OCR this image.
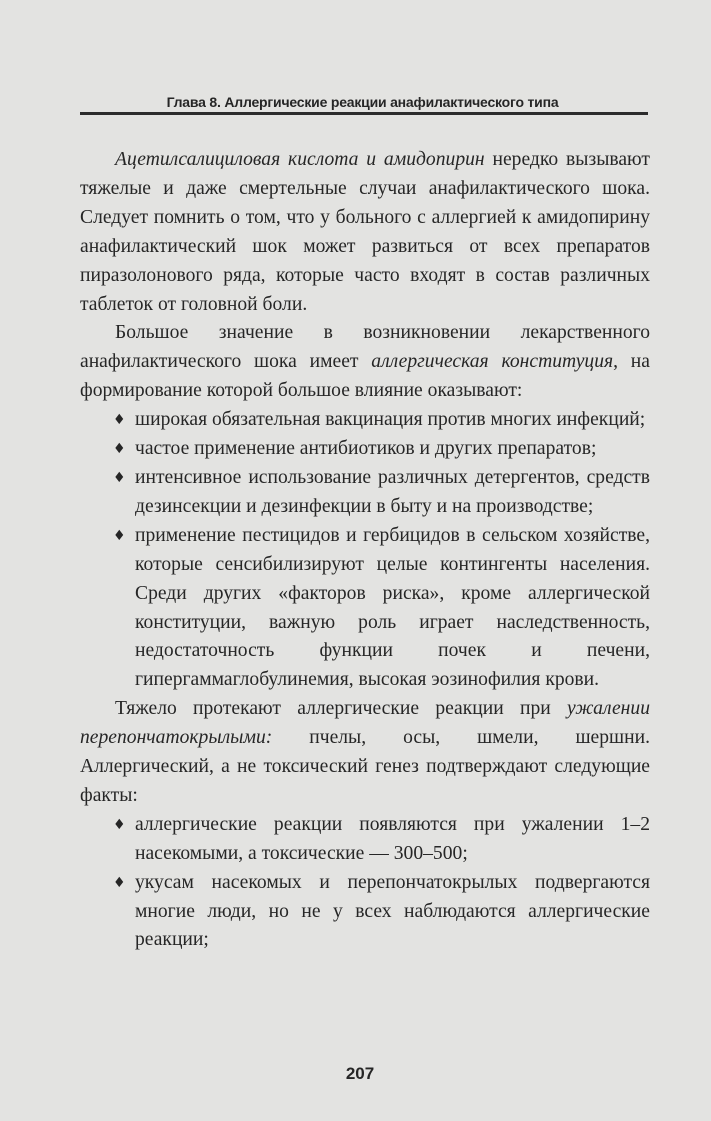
Глава 8. Аллергические реакции анафилактического типа

Ацетилсалициловая кислота и амидопирин нередко вызывают тяжелые и даже смертельные случаи анафилактического шока. Следует помнить о том, что у больного с аллергией к амидопирину анафилактический шок может развиться от всех препаратов пиразолонового ряда, которые часто входят в состав различных таблеток от головной боли.

Большое значение в возникновении лекарственного анафилактического шока имеет аллергическая конституция, на формирование которой большое влияние оказывают:

♦ широкая обязательная вакцинация против многих инфекций;
♦ частое применение антибиотиков и других препаратов;
♦ интенсивное использование различных детергентов, средств дезинсекции и дезинфекции в быту и на производстве;
♦ применение пестицидов и гербицидов в сельском хозяйстве, которые сенсибилизируют целые контингенты населения. Среди других «факторов риска», кроме аллергической конституции, важную роль играет наследственность, недостаточность функции почек и печени, гипергаммаглобулинемия, высокая эозинофилия крови.

Тяжело протекают аллергические реакции при ужалении перепончатокрылыми: пчелы, осы, шмели, шершни. Аллергический, а не токсический генез подтверждают следующие факты:

♦ аллергические реакции появляются при ужалении 1–2 насекомыми, а токсические — 300–500;
♦ укусам насекомых и перепончатокрылых подвергаются многие люди, но не у всех наблюдаются аллергические реакции;
207
